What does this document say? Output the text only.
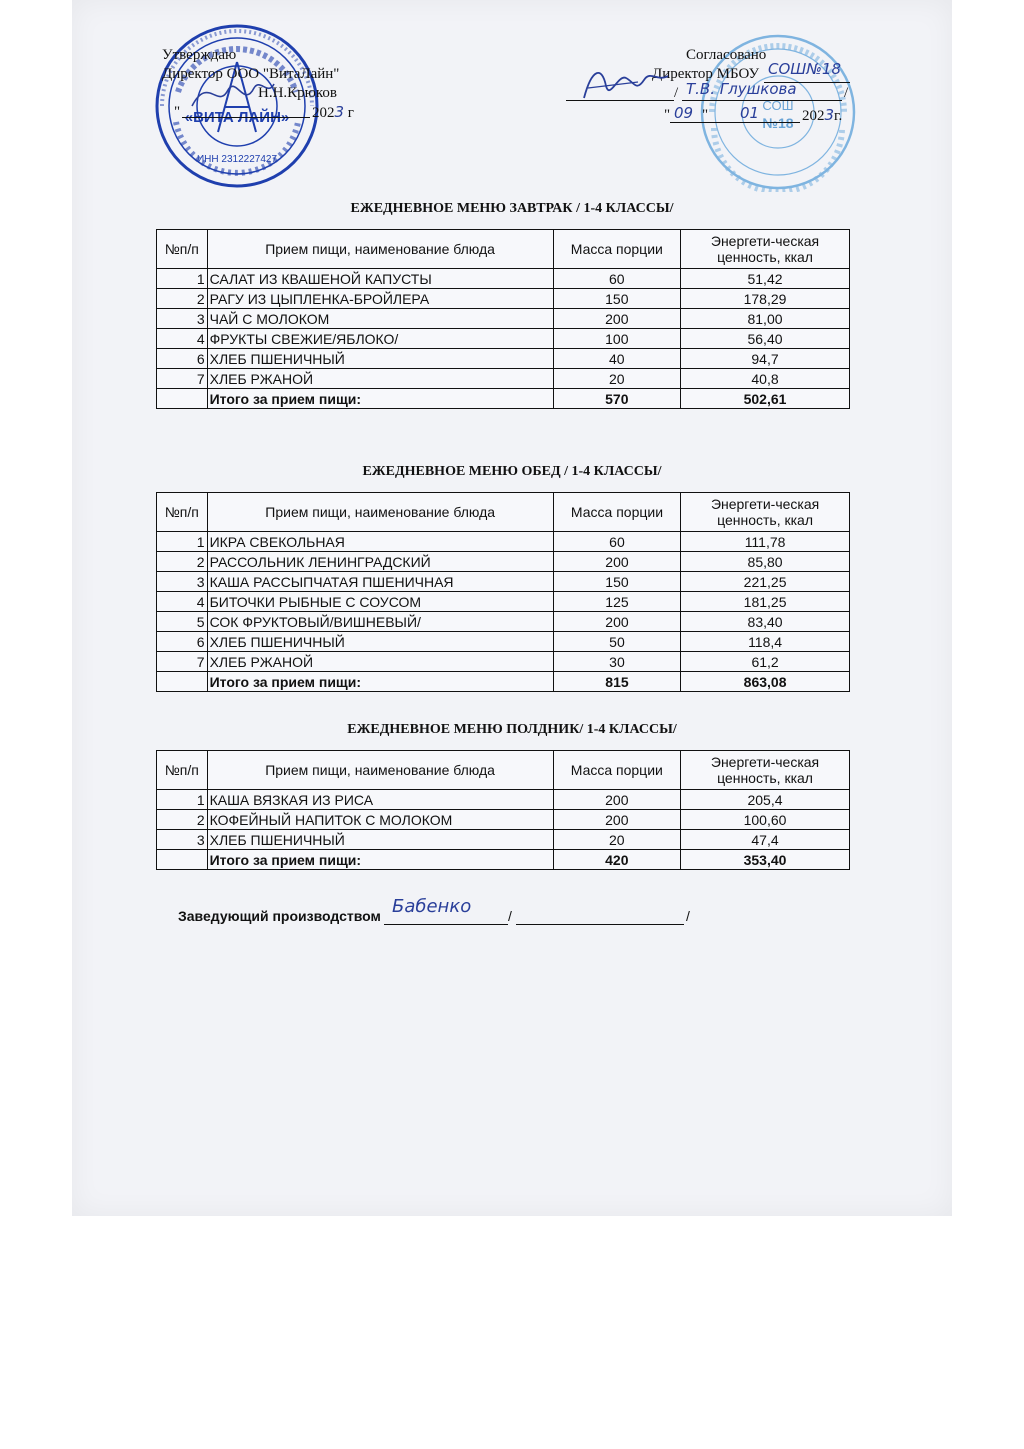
«ВИТА ЛАЙН»
ИНН 2312227427
СОШ
№18
Утверждаю
Директор ООО "ВитаЛайн"
Н.Н.Крюков
"	2023 г
Согласовано
Директор МБОУ СОШ№18
/ Т.В. Глушкова	/
" 09 " 01	2023г.
ЕЖЕДНЕВНОЕ МЕНЮ ЗАВТРАК / 1-4 КЛАССЫ/
№п/п	Прием пищи, наименование блюда	Масса порции	Энергети-ческая ценность, ккал
1	САЛАТ ИЗ КВАШЕНОЙ КАПУСТЫ	60	51,42
2	РАГУ ИЗ ЦЫПЛЕНКА-БРОЙЛЕРА	150	178,29
3	ЧАЙ С МОЛОКОМ	200	81,00
4	ФРУКТЫ СВЕЖИЕ/ЯБЛОКО/	100	56,40
6	ХЛЕБ ПШЕНИЧНЫЙ	40	94,7
7	ХЛЕБ РЖАНОЙ	20	40,8
	Итого за прием пищи:	570	502,61
ЕЖЕДНЕВНОЕ МЕНЮ ОБЕД / 1-4 КЛАССЫ/
№п/п	Прием пищи, наименование блюда	Масса порции	Энергети-ческая ценность, ккал
1	ИКРА СВЕКОЛЬНАЯ	60	111,78
2	РАССОЛЬНИК ЛЕНИНГРАДСКИЙ	200	85,80
3	КАША РАССЫПЧАТАЯ ПШЕНИЧНАЯ	150	221,25
4	БИТОЧКИ РЫБНЫЕ С СОУСОМ	125	181,25
5	СОК ФРУКТОВЫЙ/ВИШНЕВЫЙ/	200	83,40
6	ХЛЕБ ПШЕНИЧНЫЙ	50	118,4
7	ХЛЕБ РЖАНОЙ	30	61,2
	Итого за прием пищи:	815	863,08
ЕЖЕДНЕВНОЕ МЕНЮ ПОЛДНИК/ 1-4 КЛАССЫ/
№п/п	Прием пищи, наименование блюда	Масса порции	Энергети-ческая ценность, ккал
1	КАША ВЯЗКАЯ ИЗ РИСА	200	205,4
2	КОФЕЙНЫЙ НАПИТОК С МОЛОКОМ	200	100,60
3	ХЛЕБ ПШЕНИЧНЫЙ	20	47,4
	Итого за прием пищи:	420	353,40
Заведующий производством Бабенко	/	/
